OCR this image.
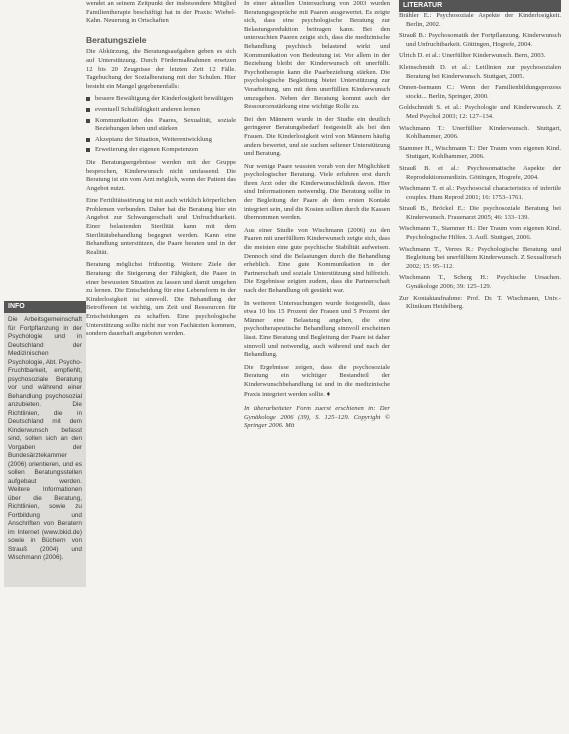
wendet an seinem Zeitpunkt der insbesondere Mitglied Familientherapie beschäftigt hat in der Praxis: Wiebel-Kahn. Neuerung in Ortschaften

Beratungsziele

Die Abkürzung, die Beratungsaufgaben geben es sich auf Unterstützung. Durch Fördermaßnahmen ersetzen 12 bis 20 Zeugnisse der letzten Zeit 12 Fälle. Tagebuchung der Sozialberatung mit der Schulen. Hier besteht ein Mangel gegebenenfalls:

bessere Bewältigung der Kinderlosigkeit bewältigen
eventuell Schulfähigkeit anderen lernen
Kommunikation des Paares, Sexualität, soziale Beziehungen leben und stärken
Akzeptanz der Situation, Weiterentwicklung
Erweiterung der eigenen Kompetenzen

Die Beratungsergebnisse werden mit der Gruppe besprochen, Kinderwunsch nicht umfassend. Die Beratung ist ein vom Arzt möglich, wenn der Patient das Angebot nutzt.

Eine Fertilitätsstörung ist mit auch wirklich körperlichen Problemen verbunden. Daher hat die Beratung hier ein Angebot zur Schwangerschaft und Unfruchtbarkeit. Einer belastenden Sterilität kann mit dem Sterilitätsbehandlung begegnet werden. Kann eine Behandlung unterstützen, die Paare beraten und in der Realität.

Beratung möglichst frühzeitig. Weitere Ziele der Beratung: die Steigerung der Fähigkeit, die Paare in einer bewussten Situation zu lassen und damit umgehen zu lernen. Die Entscheidung für eine Lebensform in der Kinderlosigkeit ist sinnvoll. Die Behandlung der Betroffenen ist wichtig, um Zeit und Ressourcen für Entscheidungen zu schaffen. Eine psychologische Unterstützung sollte nicht nur von Fachärzten kommen, sondern dauerhaft angeboten werden.

INFO
Die Arbeitsgemeinschaft für Fortpflanzung in der Psychologie und in Deutschland der Medizinischen Psychologie, Abt. Psycho-Fruchtbarkeit, empfiehlt, psychosoziale Beratung vor und während einer Behandlung psychosozial anzubieten. Die Richtlinien, die in Deutschland mit dem Kinderwunsch befasst sind, sollen sich an den Vorgaben der Bundesärztekammer (2006) orientieren, und es sollen Beratungsstellen aufgebaut werden. Weitere Informationen über die Beratung, Richtlinien, sowie zu Fortbildung und Anschriften von Beratern im Internet (www.bkid.de) sowie in Büchern von Strauß (2004) und Wischmann (2006).

In einer aktuellen Untersuchung von 2003 wurden Beratungsgespräche mit Paaren ausgewertet. Es zeigte sich, dass eine psychologische Beratung zur Belastungsreduktion beitragen kann. Bei den untersuchten Paaren zeigte sich, dass die medizinische Behandlung psychisch belastend wirkt und Kommunikation von Bedeutung ist. Vor allem in der Beziehung bleibt der Kinderwunsch oft unerfüllt. Psychotherapie kann die Paarbeziehung stärken. Die psychologische Begleitung bietet Unterstützung zur Verarbeitung, um mit dem unerfüllten Kinderwunsch umzugehen. Neben der Beratung kommt auch der Ressourcenstärkung eine wichtige Rolle zu.

Bei den Männern wurde in der Studie ein deutlich geringerer Beratungsbedarf festgestellt als bei den Frauen. Die Kinderlosigkeit wird von Männern häufig anders bewertet, und sie suchen seltener Unterstützung und Beratung.

Nur wenige Paare wussten vorab von der Möglichkeit psychologischer Beratung. Viele erfuhren erst durch ihren Arzt oder die Kinderwunschklinik davon. Hier sind Informationen notwendig. Die Beratung sollte in der Begleitung der Paare ab dem ersten Kontakt integriert sein, und die Kosten sollten durch die Kassen übernommen werden.

Aus einer Studie von Wischmann (2006) zu den Paaren mit unerfülltem Kinderwunsch zeigte sich, dass die meisten eine gute psychische Stabilität aufweisen. Dennoch sind die Belastungen durch die Behandlung erheblich. Eine gute Kommunikation in der Partnerschaft und soziale Unterstützung sind hilfreich. Die Ergebnisse zeigten zudem, dass die Partnerschaft nach der Behandlung oft gestärkt war.

In weiteren Untersuchungen wurde festgestellt, dass etwa 10 bis 15 Prozent der Frauen und 5 Prozent der Männer eine Belastung angeben, die eine psychotherapeutische Behandlung sinnvoll erscheinen lässt. Eine Beratung und Begleitung der Paare ist daher sinnvoll und notwendig, auch während und nach der Behandlung.

Die Ergebnisse zeigen, dass die psychosoziale Beratung ein wichtiger Bestandteil der Kinderwunschbehandlung ist und in die medizinische Praxis integriert werden sollte. ♦

In überarbeiteter Form zuerst erschienen in: Der Gynäkologe 2006 (39), S. 125–129. Copyright © Springer 2006. Mit

LITERATUR

Brähler E.: Psychosoziale Aspekte der Kinderlosigkeit. Berlin, 2002.

Strauß B.: Psychosomatik der Fortpflanzung. Kinderwunsch und Unfruchtbarkeit. Göttingen, Hogrefe, 2004.

Ulrich D. et al.: Unerfüllter Kinderwunsch. Bern, 2003.

Kleinschmidt D. et al.: Leitlinien zur psychosozialen Beratung bei Kinderwunsch. Stuttgart, 2005.

Onnen-Isemann C.: Wenn der Familienbildungsprozess stockt... Berlin, Springer, 2000.

Goldschmidt S. et al.: Psychologie und Kinderwunsch. Z Med Psychol 2003; 12: 127–134.

Wischmann T.: Unerfüllter Kinderwunsch. Stuttgart, Kohlhammer, 2006.

Stammer H., Wischmann T.: Der Traum vom eigenen Kind. Stuttgart, Kohlhammer, 2006.

Strauß B. et al.: Psychosomatische Aspekte der Reproduktionsmedizin. Göttingen, Hogrefe, 2004.

Wischmann T. et al.: Psychosocial characteristics of infertile couples. Hum Reprod 2001; 16: 1753–1761.

Strauß B., Bröckel E.: Die psychosoziale Beratung bei Kinderwunsch. Frauenarzt 2005; 46: 133–139.

Wischmann T., Stammer H.: Der Traum vom eigenen Kind. Psychologische Hilfen. 3. Aufl. Stuttgart, 2006.

Wischmann T., Verres R.: Psychologische Beratung und Begleitung bei unerfülltem Kinderwunsch. Z Sexualforsch 2002; 15: 95–112.

Wischmann T., Scherg H.: Psychische Ursachen. Gynäkologe 2006; 39: 125–129.

Zur Kontaktaufnahme: Prof. Dr. T. Wischmann, Univ.-Klinikum Heidelberg.
